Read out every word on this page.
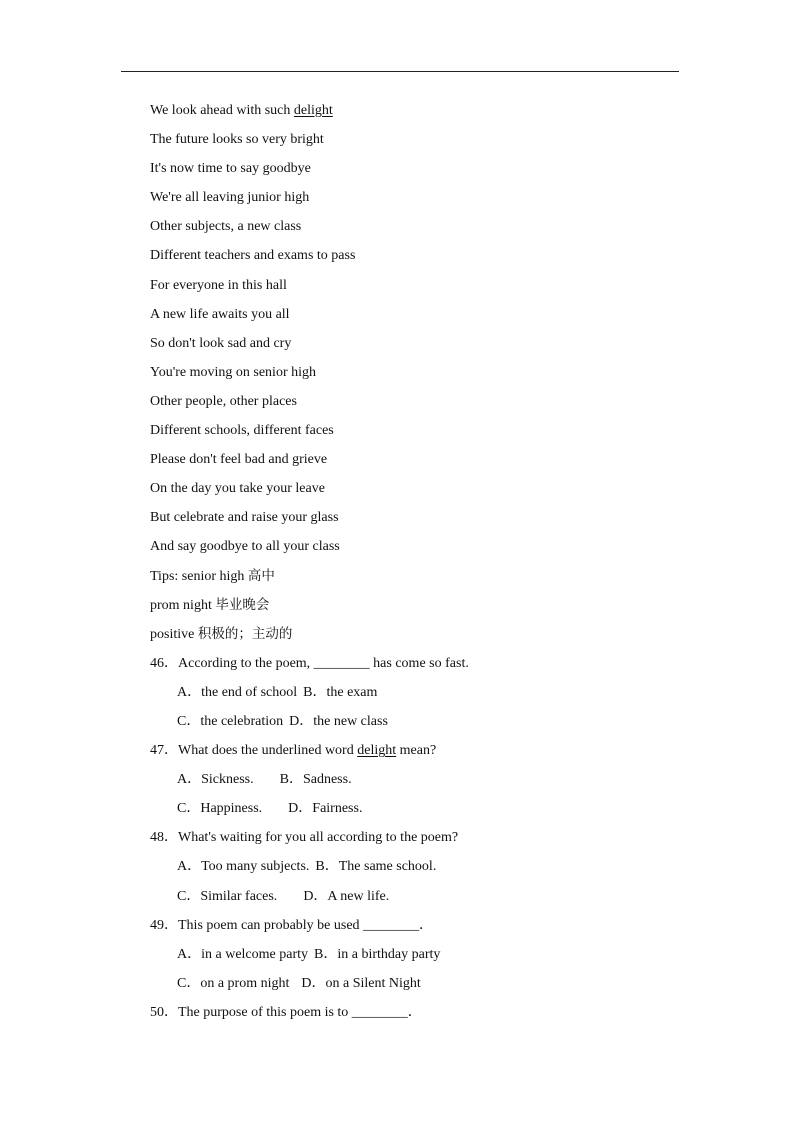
We look ahead with such delight
The future looks so very bright
It's now time to say goodbye
We're all leaving junior high
Other subjects, a new class
Different teachers and exams to pass
For everyone in this hall
A new life awaits you all
So don't look sad and cry
You're moving on senior high
Other people, other places
Different schools, different faces
Please don't feel bad and grieve
On the day you take your leave
But celebrate and raise your glass
And say goodbye to all your class
Tips: senior high 高中
prom night 毕业晚会
positive 积极的；主动的
46．According to the poem, ________ has come so fast.
A．the end of school B．the exam
C．the celebration D．the new class
47．What does the underlined word delight mean?
A．Sickness. B．Sadness.
C．Happiness. D．Fairness.
48．What's waiting for you all according to the poem?
A．Too many subjects. B．The same school.
C．Similar faces. D．A new life.
49．This poem can probably be used ________．
A．in a welcome party B．in a birthday party
C．on a prom night D．on a Silent Night
50．The purpose of this poem is to ________．
